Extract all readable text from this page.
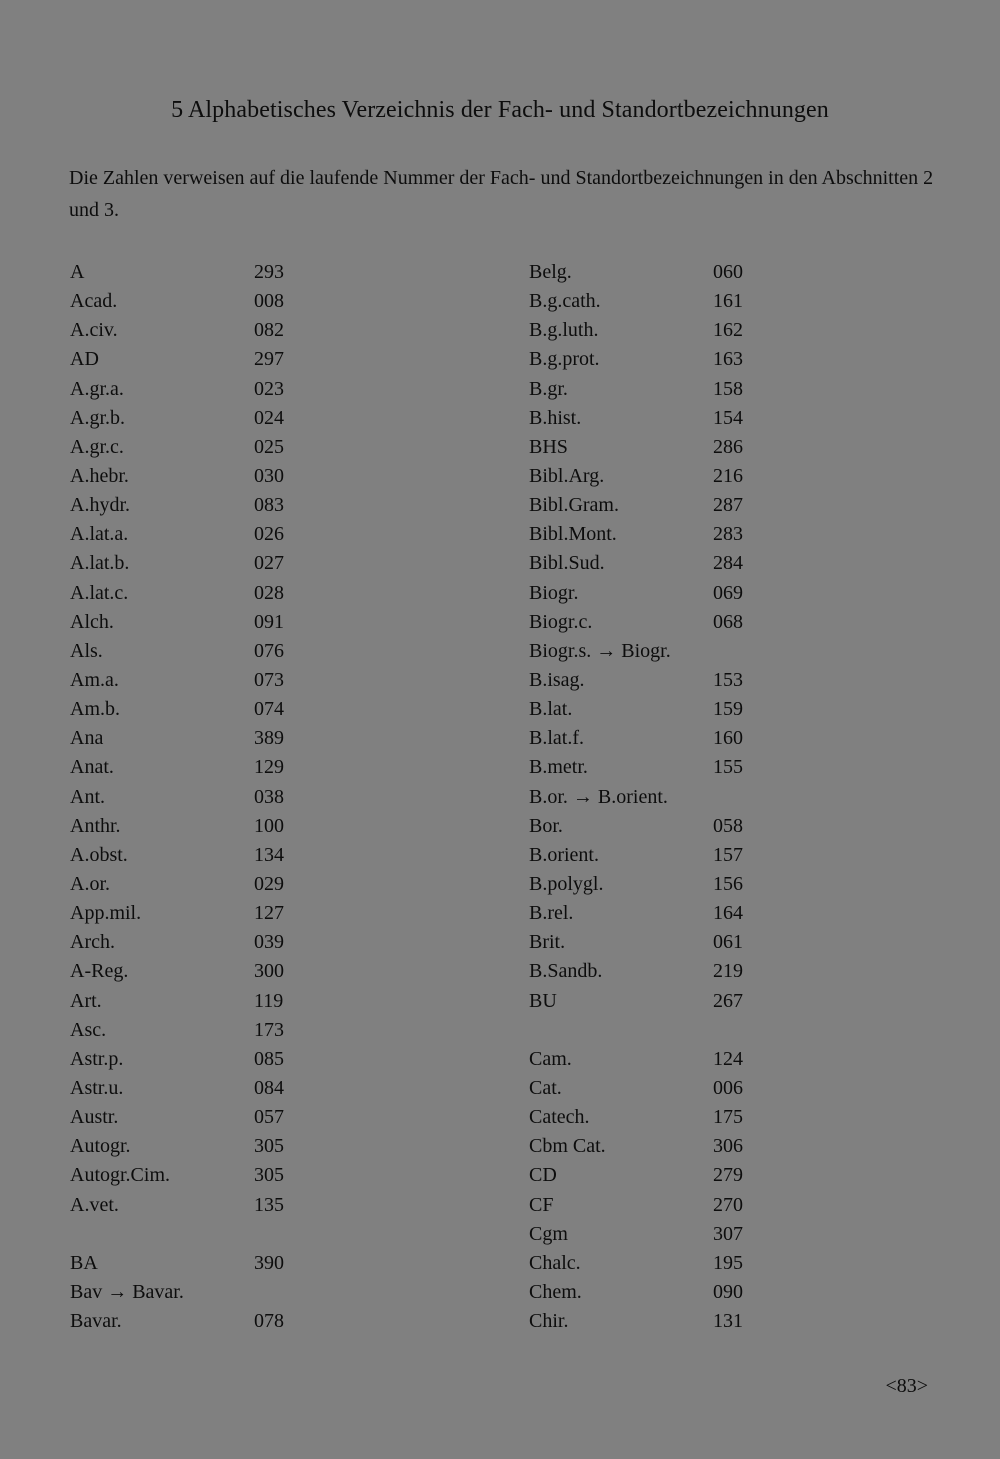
5 Alphabetisches Verzeichnis der Fach- und Standortbezeichnungen

Die Zahlen verweisen auf die laufende Nummer der Fach- und Standortbezeichnungen in den Abschnitten 2 und 3.

A	293
Acad.	008
A.civ.	082
AD	297
A.gr.a.	023
A.gr.b.	024
A.gr.c.	025
A.hebr.	030
A.hydr.	083
A.lat.a.	026
A.lat.b.	027
A.lat.c.	028
Alch.	091
Als.	076
Am.a.	073
Am.b.	074
Ana	389
Anat.	129
Ant.	038
Anthr.	100
A.obst.	134
A.or.	029
App.mil.	127
Arch.	039
A-Reg.	300
Art.	119
Asc.	173
Astr.p.	085
Astr.u.	084
Austr.	057
Autogr.	305
Autogr.Cim.	305
A.vet.	135
BA	390
Bav → Bavar.
Bavar.	078
Belg.	060
B.g.cath.	161
B.g.luth.	162
B.g.prot.	163
B.gr.	158
B.hist.	154
BHS	286
Bibl.Arg.	216
Bibl.Gram.	287
Bibl.Mont.	283
Bibl.Sud.	284
Biogr.	069
Biogr.c.	068
Biogr.s. → Biogr.
B.isag.	153
B.lat.	159
B.lat.f.	160
B.metr.	155
B.or. → B.orient.
Bor.	058
B.orient.	157
B.polygl.	156
B.rel.	164
Brit.	061
B.Sandb.	219
BU	267
Cam.	124
Cat.	006
Catech.	175
Cbm Cat.	306
CD	279
CF	270
Cgm	307
Chalc.	195
Chem.	090
Chir.	131

<83>
